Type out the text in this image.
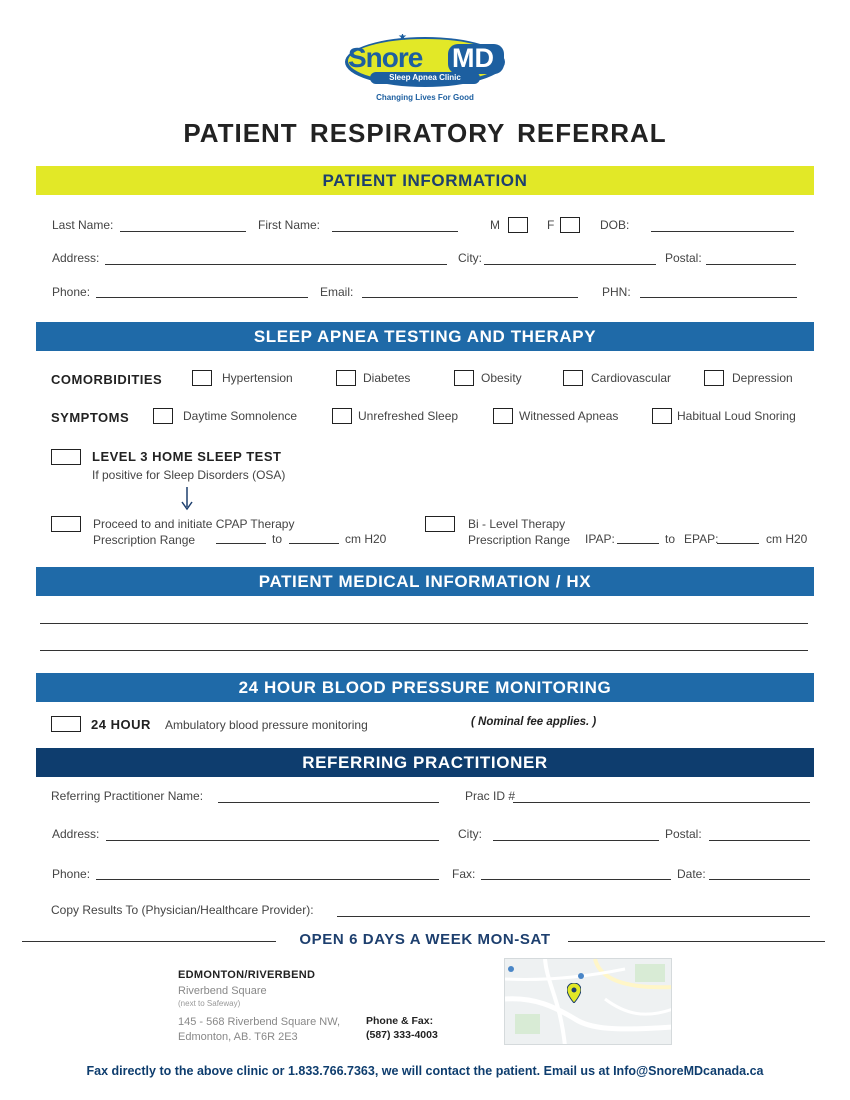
★
Snore MD
Sleep Apnea Clinic
Changing Lives For Good
PATIENT RESPIRATORY REFERRAL
PATIENT INFORMATION
Last Name:	First Name:	M	F	DOB:
Address:	City:	Postal:
Phone:	Email:	PHN:
SLEEP APNEA TESTING AND THERAPY
COMORBIDITIES	Hypertension	Diabetes	Obesity	Cardiovascular	Depression
SYMPTOMS	Daytime Somnolence	Unrefreshed Sleep	Witnessed Apneas	Habitual Loud Snoring
LEVEL 3 HOME SLEEP TEST
If positive for Sleep Disorders (OSA)
Proceed to and initiate CPAP Therapy
Prescription Range	to	cm H20
Bi - Level Therapy
Prescription Range IPAP:	to EPAP:	cm H20
PATIENT MEDICAL INFORMATION / HX
24 HOUR BLOOD PRESSURE MONITORING
24 HOUR Ambulatory blood pressure monitoring	( Nominal fee applies. )
REFERRING PRACTITIONER
Referring Practitioner Name:	Prac ID #
Address:	City:	Postal:
Phone:	Fax:	Date:
Copy Results To (Physician/Healthcare Provider):
OPEN 6 DAYS A WEEK MON-SAT
EDMONTON/RIVERBEND
Riverbend Square
(next to Safeway)
145 - 568 Riverbend Square NW,
Edmonton, AB. T6R 2E3
Phone & Fax:
(587) 333-4003
Fax directly to the above clinic or 1.833.766.7363, we will contact the patient. Email us at Info@SnoreMDcanada.ca
